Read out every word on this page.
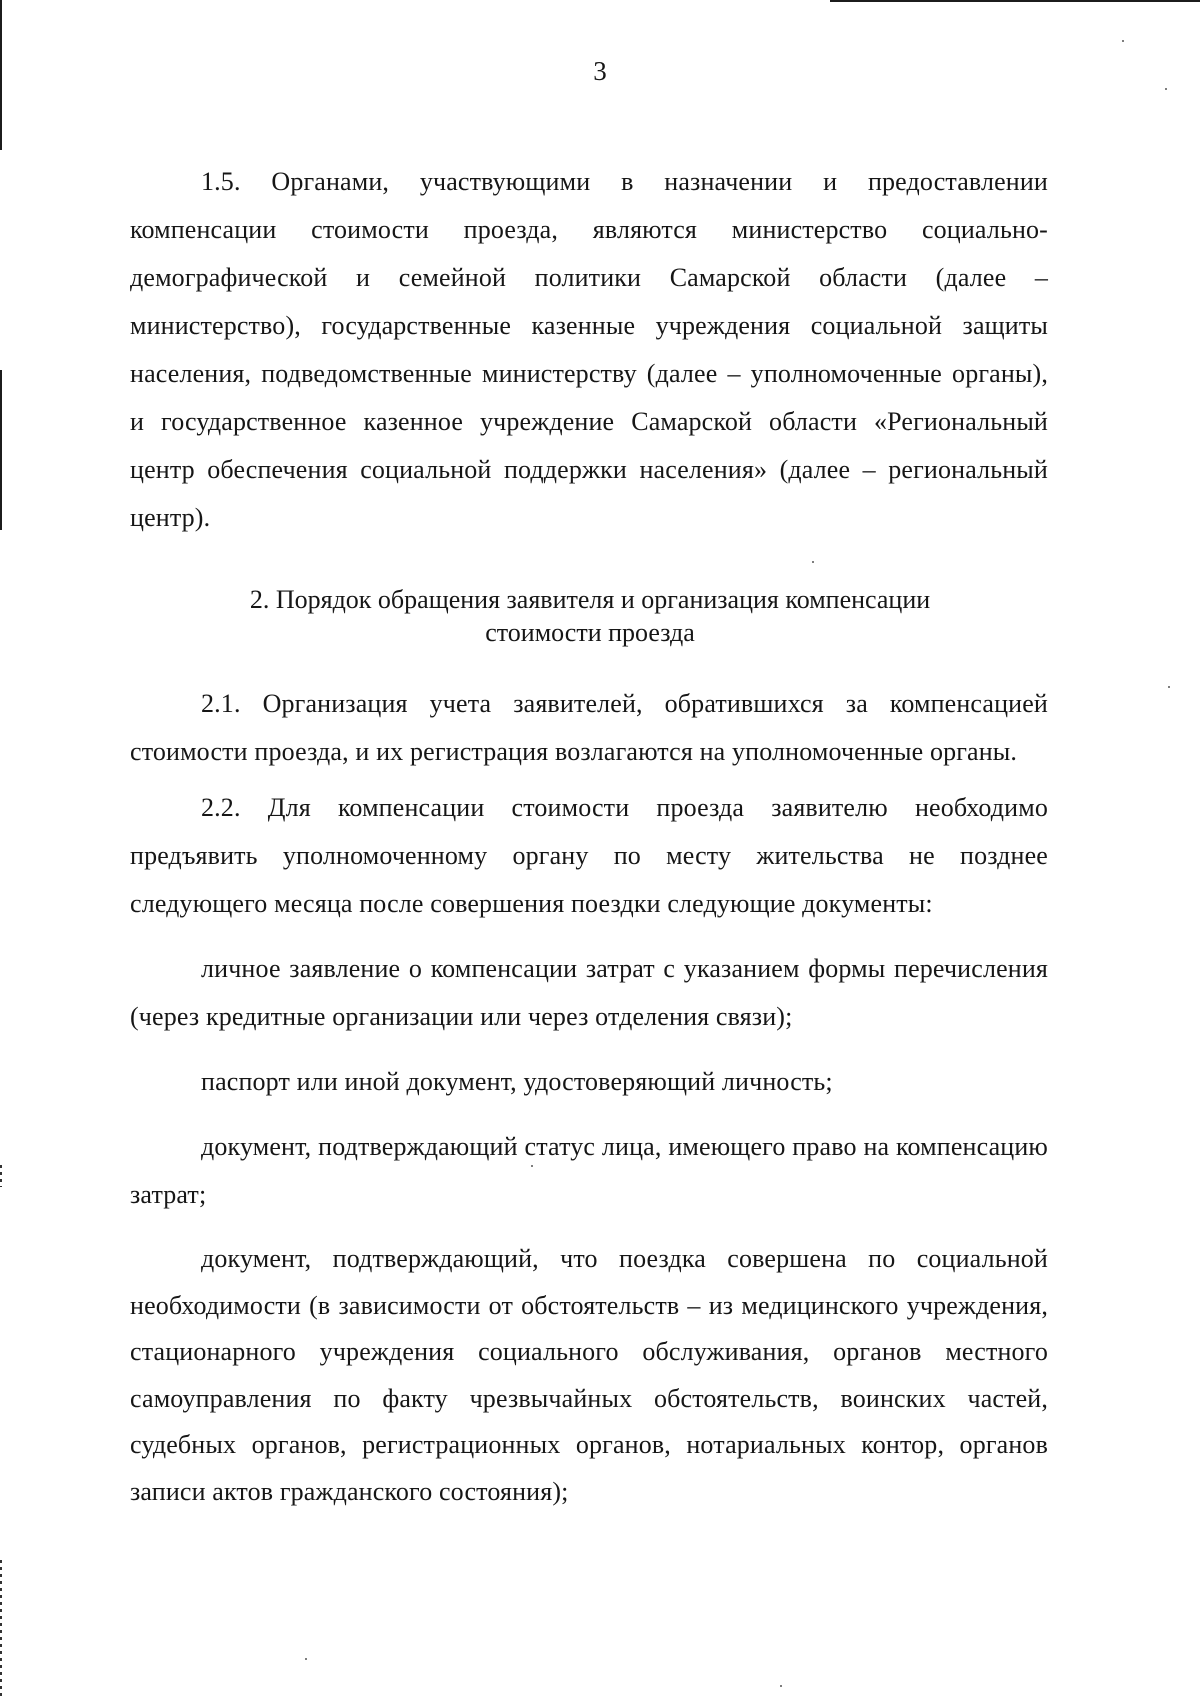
3

1.5. Органами, участвующими в назначении и предоставлении компенсации стоимости проезда, являются министерство социально-демографической и семейной политики Самарской области (далее – министерство), государственные казенные учреждения социальной защиты населения, подведомственные министерству (далее – уполномоченные органы), и государственное казенное учреждение Самарской области «Региональный центр обеспечения социальной поддержки населения» (далее – региональный центр).

2. Порядок обращения заявителя и организация компенсации
стоимости проезда

2.1. Организация учета заявителей, обратившихся за компенсацией стоимости проезда, и их регистрация возлагаются на уполномоченные органы.

2.2. Для компенсации стоимости проезда заявителю необходимо предъявить уполномоченному органу по месту жительства не позднее следующего месяца после совершения поездки следующие документы:

личное заявление о компенсации затрат с указанием формы перечисления (через кредитные организации или через отделения связи);

паспорт или иной документ, удостоверяющий личность;

документ, подтверждающий статус лица, имеющего право на компенсацию затрат;

документ, подтверждающий, что поездка совершена по социальной необходимости (в зависимости от обстоятельств – из медицинского учреждения, стационарного учреждения социального обслуживания, органов местного самоуправления по факту чрезвычайных обстоятельств, воинских частей, судебных органов, регистрационных органов, нотариальных контор, органов записи актов гражданского состояния);
